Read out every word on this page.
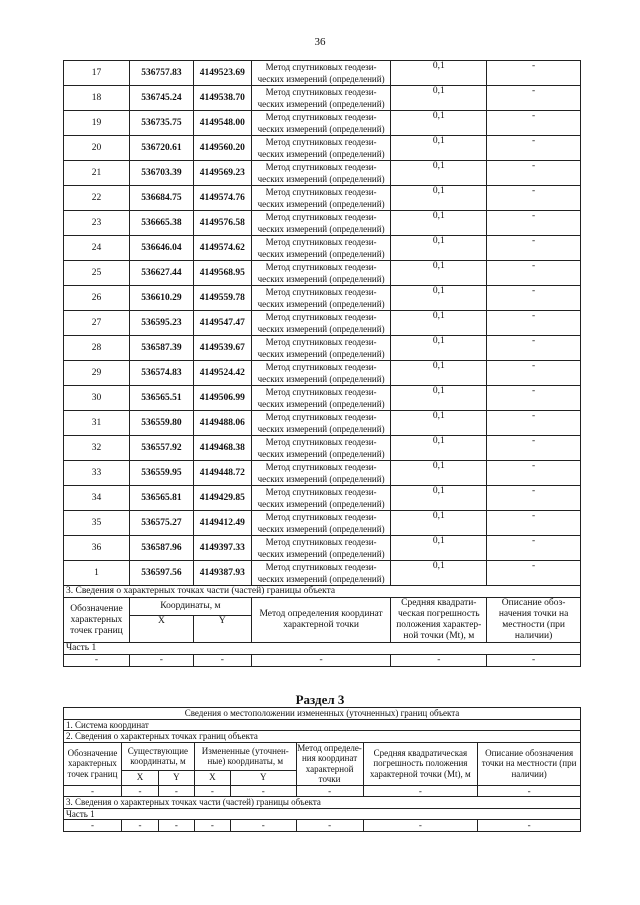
36
17	536757.83	4149523.69	Метод спутниковых геодези-
ческих измерений (определений)	0,1	-
18	536745.24	4149538.70	Метод спутниковых геодези-
ческих измерений (определений)	0,1	-
19	536735.75	4149548.00	Метод спутниковых геодези-
ческих измерений (определений)	0,1	-
20	536720.61	4149560.20	Метод спутниковых геодези-
ческих измерений (определений)	0,1	-
21	536703.39	4149569.23	Метод спутниковых геодези-
ческих измерений (определений)	0,1	-
22	536684.75	4149574.76	Метод спутниковых геодези-
ческих измерений (определений)	0,1	-
23	536665.38	4149576.58	Метод спутниковых геодези-
ческих измерений (определений)	0,1	-
24	536646.04	4149574.62	Метод спутниковых геодези-
ческих измерений (определений)	0,1	-
25	536627.44	4149568.95	Метод спутниковых геодези-
ческих измерений (определений)	0,1	-
26	536610.29	4149559.78	Метод спутниковых геодези-
ческих измерений (определений)	0,1	-
27	536595.23	4149547.47	Метод спутниковых геодези-
ческих измерений (определений)	0,1	-
28	536587.39	4149539.67	Метод спутниковых геодези-
ческих измерений (определений)	0,1	-
29	536574.83	4149524.42	Метод спутниковых геодези-
ческих измерений (определений)	0,1	-
30	536565.51	4149506.99	Метод спутниковых геодези-
ческих измерений (определений)	0,1	-
31	536559.80	4149488.06	Метод спутниковых геодези-
ческих измерений (определений)	0,1	-
32	536557.92	4149468.38	Метод спутниковых геодези-
ческих измерений (определений)	0,1	-
33	536559.95	4149448.72	Метод спутниковых геодези-
ческих измерений (определений)	0,1	-
34	536565.81	4149429.85	Метод спутниковых геодези-
ческих измерений (определений)	0,1	-
35	536575.27	4149412.49	Метод спутниковых геодези-
ческих измерений (определений)	0,1	-
36	536587.96	4149397.33	Метод спутниковых геодези-
ческих измерений (определений)	0,1	-
1	536597.56	4149387.93	Метод спутниковых геодези-
ческих измерений (определений)	0,1	-
3. Сведения о характерных точках части (частей) границы объекта					
Обозначение характерных точек границ	Координаты, м		Метод определения координат характерной точки	Средняя квадрати-ческая погрешность положения характер-ной точки (Mt), м	Описание обоз-начения точки на местности (при наличии)
	X	Y			
Часть 1					
-	-	-	-	-	-
Раздел 3
Сведения о местоположении измененных (уточненных) границ объекта							
1. Система координат							
2. Сведения о характерных точках границ объекта							
Обозначение характерных точек границ	Существующие координаты, м		Измененные (уточнен-ные) координаты, м		Метод определе-ния координат характерной точки	Средняя квадратическая погрешность положения характерной точки (Mt), м	Описание обозначения точки на местности (при наличии)
	X	Y	X	Y			
-	-	-	-	-	-	-	-
3. Сведения о характерных точках части (частей) границы объекта							
Часть 1							
-	-	-	-	-	-	-	-
